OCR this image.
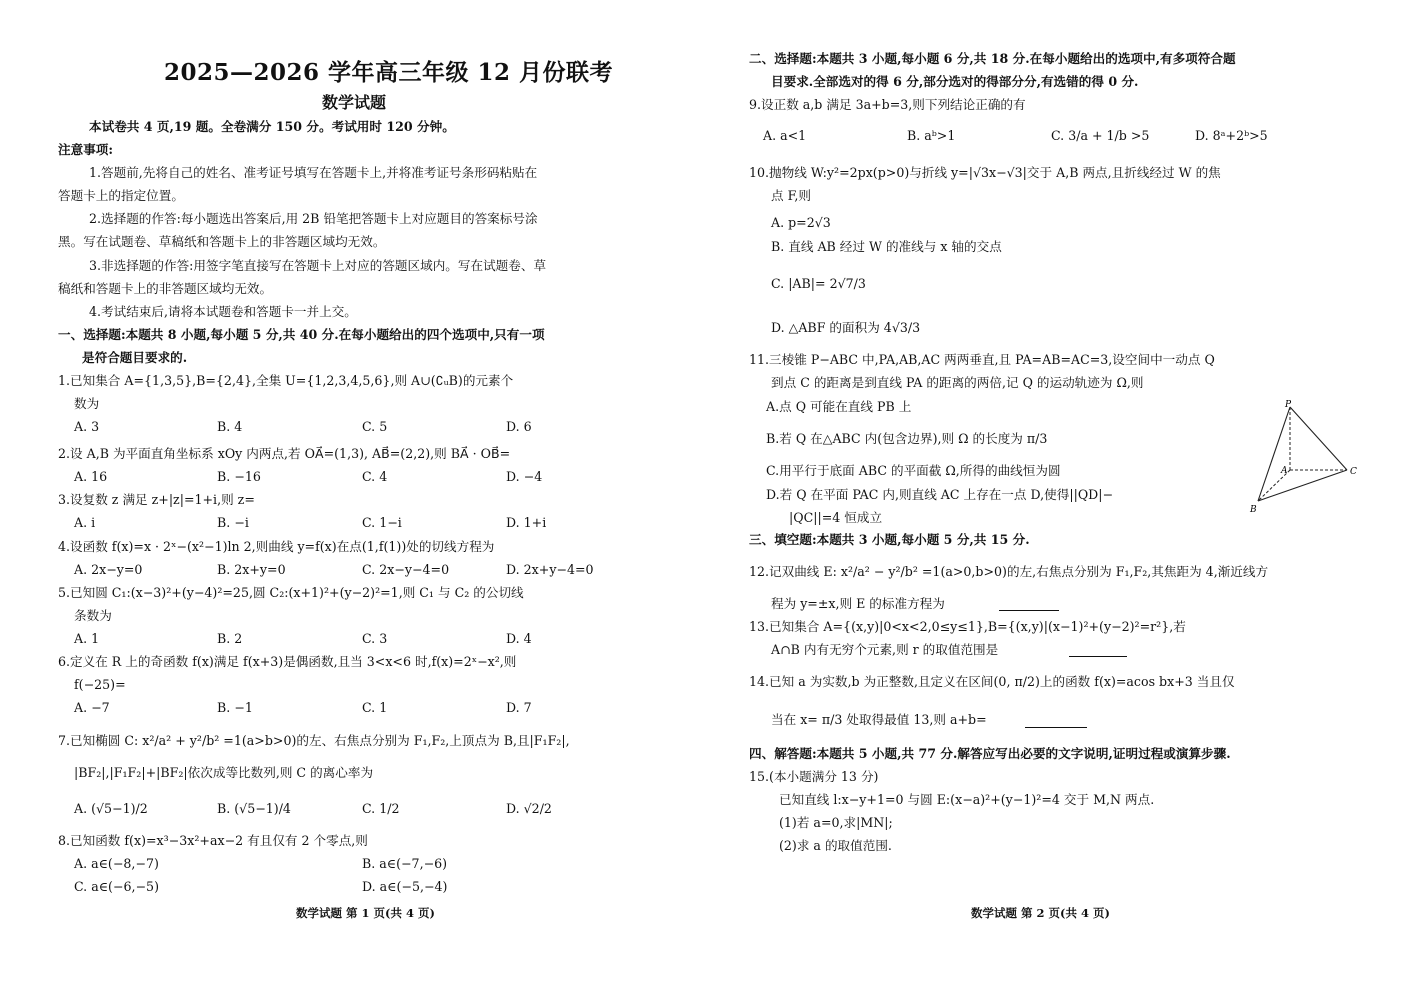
2025—2026 学年高三年级 12 月份联考
数学试题
本试卷共 4 页,19 题。全卷满分 150 分。考试用时 120 分钟。
注意事项:
1.答题前,先将自己的姓名、准考证号填写在答题卡上,并将准考证号条形码粘贴在
答题卡上的指定位置。
2.选择题的作答:每小题选出答案后,用 2B 铅笔把答题卡上对应题目的答案标号涂
黑。写在试题卷、草稿纸和答题卡上的非答题区域均无效。
3.非选择题的作答:用签字笔直接写在答题卡上对应的答题区域内。写在试题卷、草
稿纸和答题卡上的非答题区域均无效。
4.考试结束后,请将本试题卷和答题卡一并上交。
一、选择题:本题共 8 小题,每小题 5 分,共 40 分.在每小题给出的四个选项中,只有一项
是符合题目要求的.
1.已知集合 A={1,3,5},B={2,4},全集 U={1,2,3,4,5,6},则 A∪(∁ᵤB)的元素个
数为
A. 3	B. 4	C. 5	D. 6
2.设 A,B 为平面直角坐标系 xOy 内两点,若 OA⃗=(1,3), AB⃗=(2,2),则 BA⃗ · OB⃗=
A. 16	B. −16	C. 4	D. −4
3.设复数 z 满足 z+|z|=1+i,则 z=
A. i	B. −i	C. 1−i	D. 1+i
4.设函数 f(x)=x · 2ˣ−(x²−1)ln 2,则曲线 y=f(x)在点(1,f(1))处的切线方程为
A. 2x−y=0	B. 2x+y=0	C. 2x−y−4=0	D. 2x+y−4=0
5.已知圆 C₁:(x−3)²+(y−4)²=25,圆 C₂:(x+1)²+(y−2)²=1,则 C₁ 与 C₂ 的公切线
条数为
A. 1	B. 2	C. 3	D. 4
6.定义在 R 上的奇函数 f(x)满足 f(x+3)是偶函数,且当 3<x<6 时,f(x)=2ˣ−x²,则
f(−25)=
A. −7	B. −1	C. 1	D. 7
7.已知椭圆 C: x²/a² + y²/b² =1(a>b>0)的左、右焦点分别为 F₁,F₂,上顶点为 B,且|F₁F₂|,
|BF₂|,|F₁F₂|+|BF₂|依次成等比数列,则 C 的离心率为
A. (√5−1)/2	B. (√5−1)/4	C. 1/2	D. √2/2
8.已知函数 f(x)=x³−3x²+ax−2 有且仅有 2 个零点,则
A. a∈(−8,−7)	B. a∈(−7,−6)
C. a∈(−6,−5)	D. a∈(−5,−4)
数学试题 第 1 页(共 4 页)
二、选择题:本题共 3 小题,每小题 6 分,共 18 分.在每小题给出的选项中,有多项符合题
目要求.全部选对的得 6 分,部分选对的得部分分,有选错的得 0 分.
9.设正数 a,b 满足 3a+b=3,则下列结论正确的有
A. a<1	B. aᵇ>1	C. 3/a + 1/b >5	D. 8ᵃ+2ᵇ>5
10.抛物线 W:y²=2px(p>0)与折线 y=|√3x−√3|交于 A,B 两点,且折线经过 W 的焦
点 F,则
A. p=2√3
B. 直线 AB 经过 W 的准线与 x 轴的交点
C. |AB|= 2√7/3
D. △ABF 的面积为 4√3/3
11.三棱锥 P−ABC 中,PA,AB,AC 两两垂直,且 PA=AB=AC=3,设空间中一动点 Q
到点 C 的距离是到直线 PA 的距离的两倍,记 Q 的运动轨迹为 Ω,则
A.点 Q 可能在直线 PB 上
B.若 Q 在△ABC 内(包含边界),则 Ω 的长度为 π/3
C.用平行于底面 ABC 的平面截 Ω,所得的曲线恒为圆
D.若 Q 在平面 PAC 内,则直线 AC 上存在一点 D,使得||QD|−
|QC||=4 恒成立
P
A	C
B
三、填空题:本题共 3 小题,每小题 5 分,共 15 分.
12.记双曲线 E: x²/a² − y²/b² =1(a>0,b>0)的左,右焦点分别为 F₁,F₂,其焦距为 4,渐近线方
程为 y=±x,则 E 的标准方程为
13.已知集合 A={(x,y)|0<x<2,0≤y≤1},B={(x,y)|(x−1)²+(y−2)²=r²},若
A∩B 内有无穷个元素,则 r 的取值范围是
14.已知 a 为实数,b 为正整数,且定义在区间(0, π/2)上的函数 f(x)=acos bx+3 当且仅
当在 x= π/3 处取得最值 13,则 a+b=
四、解答题:本题共 5 小题,共 77 分.解答应写出必要的文字说明,证明过程或演算步骤.
15.(本小题满分 13 分)
已知直线 l:x−y+1=0 与圆 E:(x−a)²+(y−1)²=4 交于 M,N 两点.
(1)若 a=0,求|MN|;
(2)求 a 的取值范围.
数学试题 第 2 页(共 4 页)
